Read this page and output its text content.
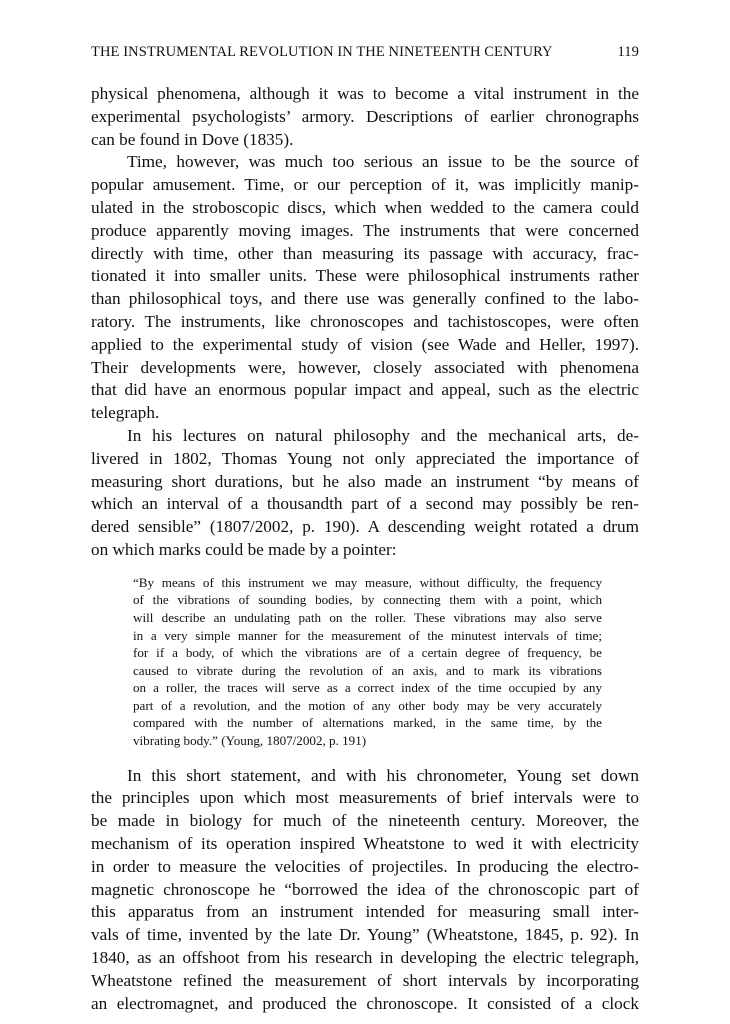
THE INSTRUMENTAL REVOLUTION IN THE NINETEENTH CENTURY	119
physical phenomena, although it was to become a vital instrument in the
experimental psychologists’ armory. Descriptions of earlier chronographs
can be found in Dove (1835).
Time, however, was much too serious an issue to be the source of
popular amusement. Time, or our perception of it, was implicitly manip-
ulated in the stroboscopic discs, which when wedded to the camera could
produce apparently moving images. The instruments that were concerned
directly with time, other than measuring its passage with accuracy, frac-
tionated it into smaller units. These were philosophical instruments rather
than philosophical toys, and there use was generally confined to the labo-
ratory. The instruments, like chronoscopes and tachistoscopes, were often
applied to the experimental study of vision (see Wade and Heller, 1997).
Their developments were, however, closely associated with phenomena
that did have an enormous popular impact and appeal, such as the electric
telegraph.
In his lectures on natural philosophy and the mechanical arts, de-
livered in 1802, Thomas Young not only appreciated the importance of
measuring short durations, but he also made an instrument “by means of
which an interval of a thousandth part of a second may possibly be ren-
dered sensible” (1807/2002, p. 190). A descending weight rotated a drum
on which marks could be made by a pointer:
“By means of this instrument we may measure, without difficulty, the frequency
of the vibrations of sounding bodies, by connecting them with a point, which
will describe an undulating path on the roller. These vibrations may also serve
in a very simple manner for the measurement of the minutest intervals of time;
for if a body, of which the vibrations are of a certain degree of frequency, be
caused to vibrate during the revolution of an axis, and to mark its vibrations
on a roller, the traces will serve as a correct index of the time occupied by any
part of a revolution, and the motion of any other body may be very accurately
compared with the number of alternations marked, in the same time, by the
vibrating body.” (Young, 1807/2002, p. 191)
In this short statement, and with his chronometer, Young set down
the principles upon which most measurements of brief intervals were to
be made in biology for much of the nineteenth century. Moreover, the
mechanism of its operation inspired Wheatstone to wed it with electricity
in order to measure the velocities of projectiles. In producing the electro-
magnetic chronoscope he “borrowed the idea of the chronoscopic part of
this apparatus from an instrument intended for measuring small inter-
vals of time, invented by the late Dr. Young” (Wheatstone, 1845, p. 92). In
1840, as an offshoot from his research in developing the electric telegraph,
Wheatstone refined the measurement of short intervals by incorporating
an electromagnet, and produced the chronoscope. It consisted of a clock
